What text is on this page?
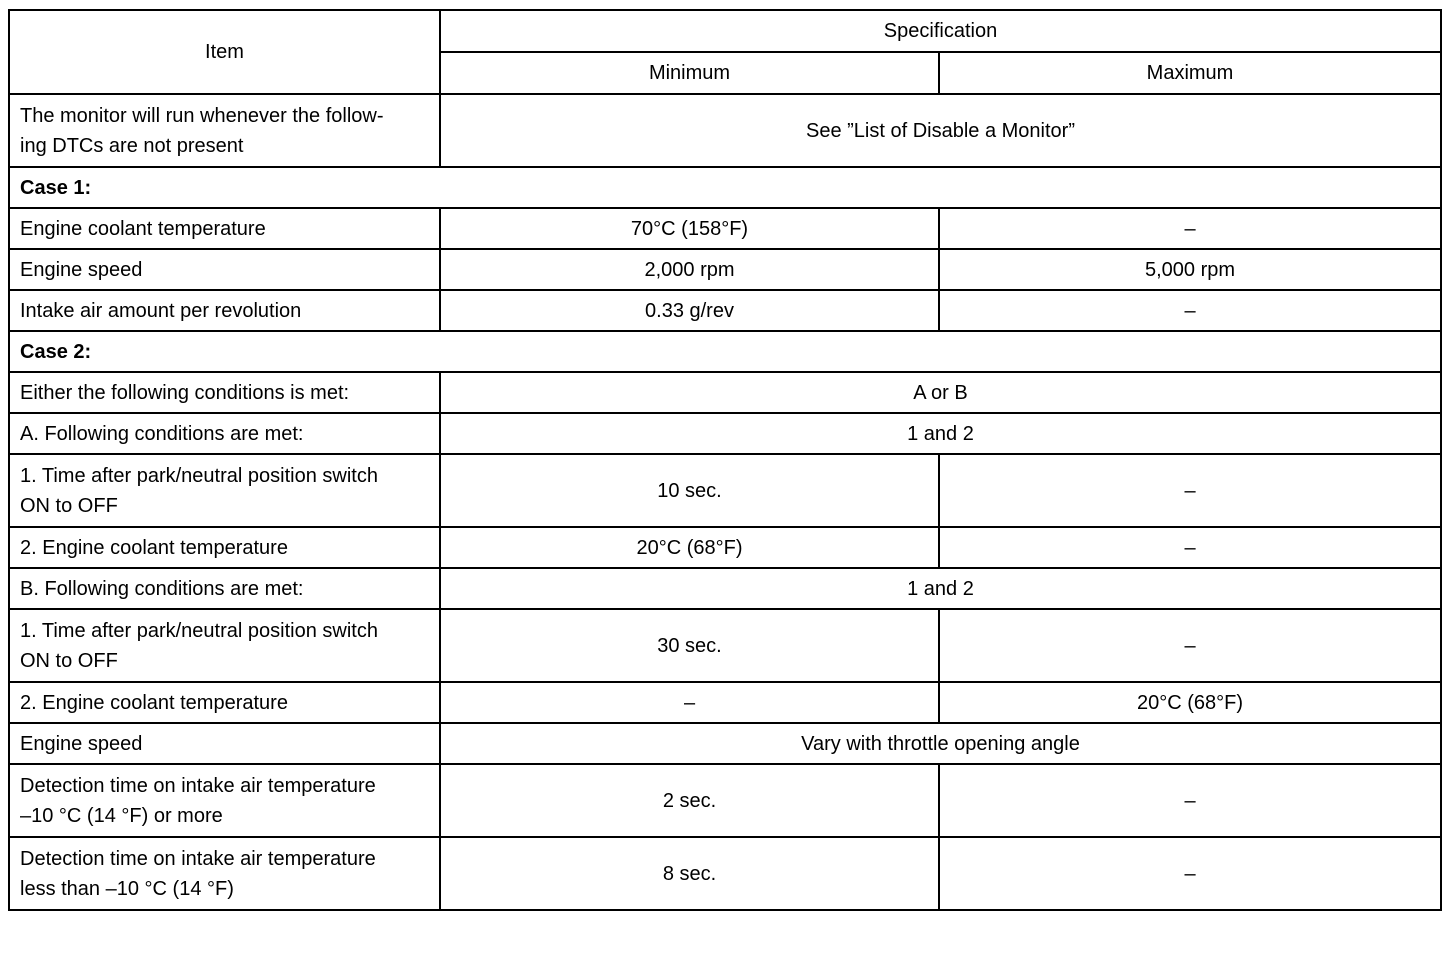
Item	Specification	
	Minimum	Maximum
The monitor will run whenever the follow-
ing DTCs are not present	See ”List of Disable a Monitor”	
Case 1:		
Engine coolant temperature	70°C (158°F)	–
Engine speed	2,000 rpm	5,000 rpm
Intake air amount per revolution	0.33 g/rev	–
Case 2:		
Either the following conditions is met:	A or B	
A. Following conditions are met:	1 and 2	
1. Time after park/neutral position switch
ON to OFF	10 sec.	–
2. Engine coolant temperature	20°C (68°F)	–
B. Following conditions are met:	1 and 2	
1. Time after park/neutral position switch
ON to OFF	30 sec.	–
2. Engine coolant temperature	–	20°C (68°F)
Engine speed	Vary with throttle opening angle	
Detection time on intake air temperature
–10 °C (14 °F) or more	2 sec.	–
Detection time on intake air temperature
less than –10 °C (14 °F)	8 sec.	–
